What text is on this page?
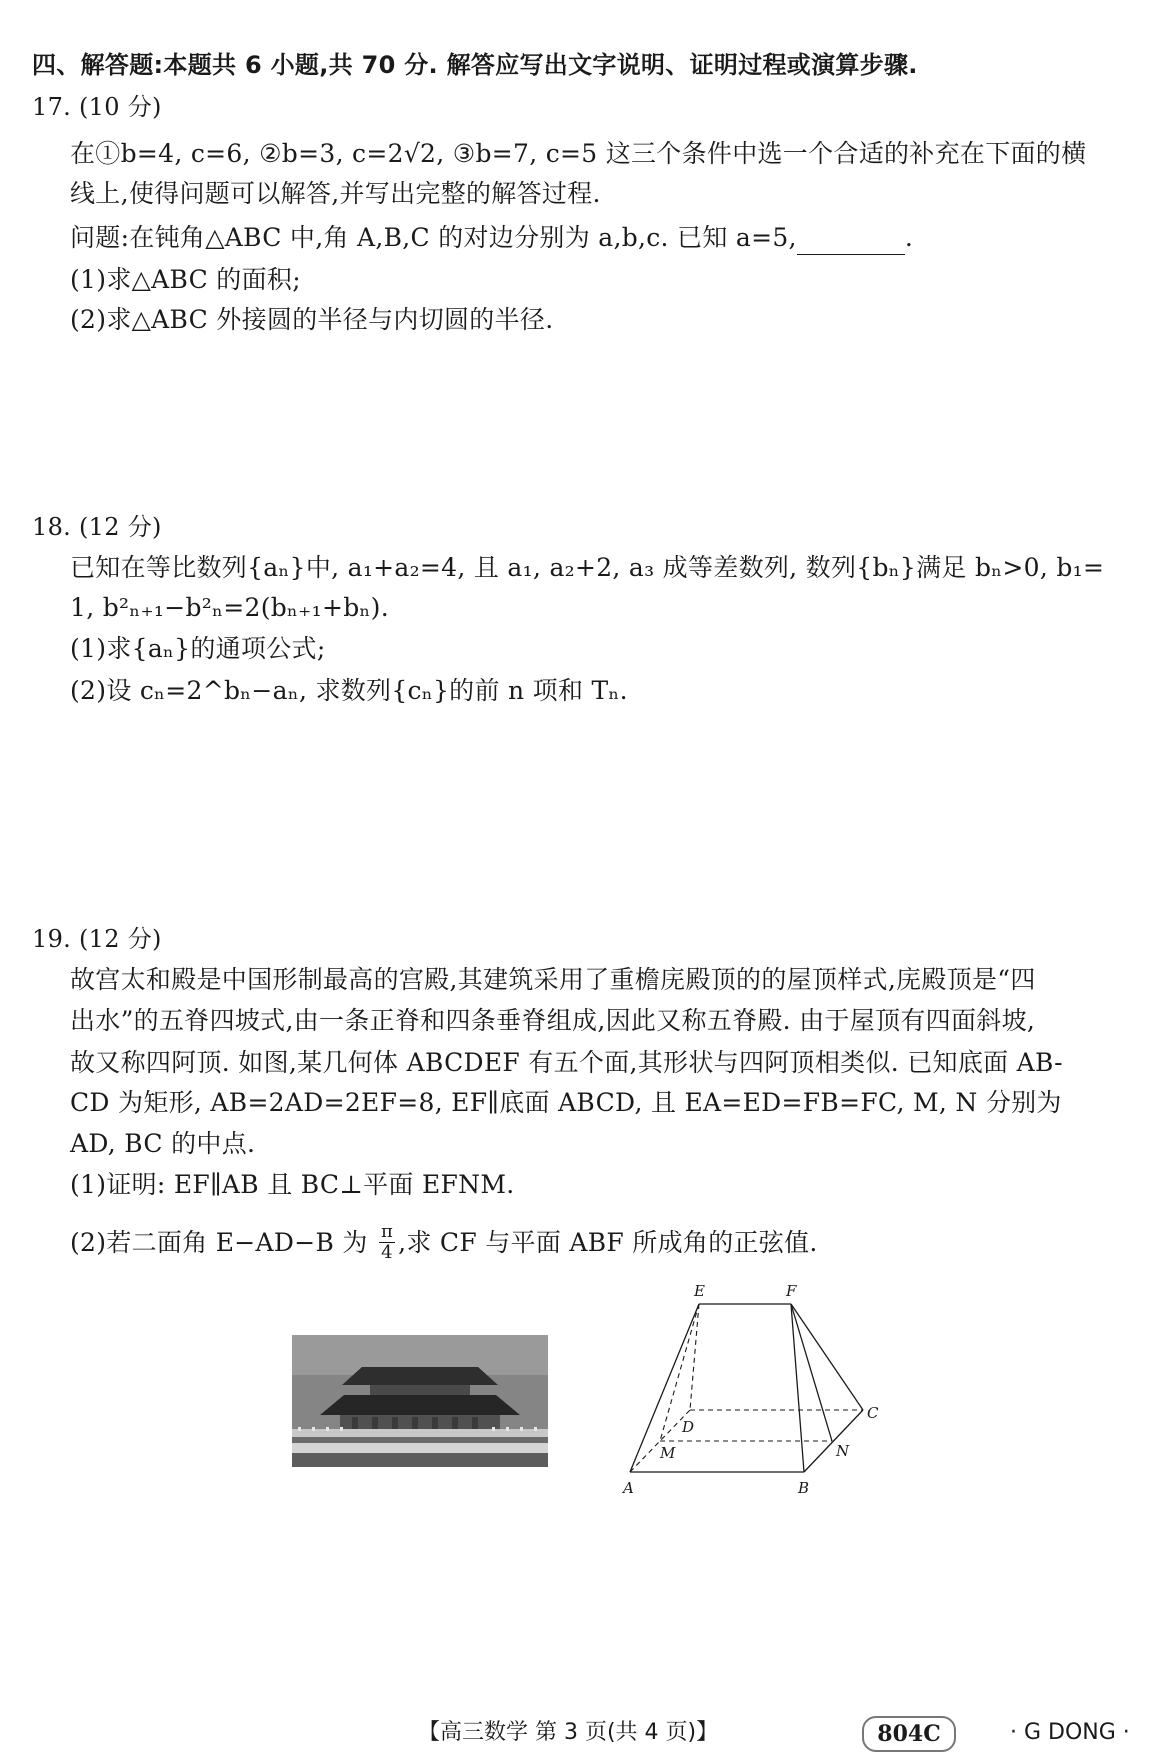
四、解答题:本题共 6 小题,共 70 分. 解答应写出文字说明、证明过程或演算步骤.
17. (10 分)
在①b=4, c=6, ②b=3, c=2√2, ③b=7, c=5 这三个条件中选一个合适的补充在下面的横
线上,使得问题可以解答,并写出完整的解答过程.
问题:在钝角△ABC 中,角 A,B,C 的对边分别为 a,b,c. 已知 a=5,	.
(1)求△ABC 的面积;
(2)求△ABC 外接圆的半径与内切圆的半径.
18. (12 分)
已知在等比数列{aₙ}中, a₁+a₂=4, 且 a₁, a₂+2, a₃ 成等差数列, 数列{bₙ}满足 bₙ>0, b₁=
1, b²ₙ₊₁−b²ₙ=2(bₙ₊₁+bₙ).
(1)求{aₙ}的通项公式;
(2)设 cₙ=2^bₙ−aₙ, 求数列{cₙ}的前 n 项和 Tₙ.
19. (12 分)
故宫太和殿是中国形制最高的宫殿,其建筑采用了重檐庑殿顶的的屋顶样式,庑殿顶是“四
出水”的五脊四坡式,由一条正脊和四条垂脊组成,因此又称五脊殿. 由于屋顶有四面斜坡,
故又称四阿顶. 如图,某几何体 ABCDEF 有五个面,其形状与四阿顶相类似. 已知底面 AB-
CD 为矩形, AB=2AD=2EF=8, EF∥底面 ABCD, 且 EA=ED=FB=FC, M, N 分别为
AD, BC 的中点.
(1)证明: EF∥AB 且 BC⊥平面 EFNM.
(2)若二面角 E−AD−B 为 $\frac{\pi}{4}$ ,求 CF 与平面 ABF 所成角的正弦值.
E	F
D
C
M	N
A	B
【高三数学 第 3 页(共 4 页)】	804C	· G DONG ·
